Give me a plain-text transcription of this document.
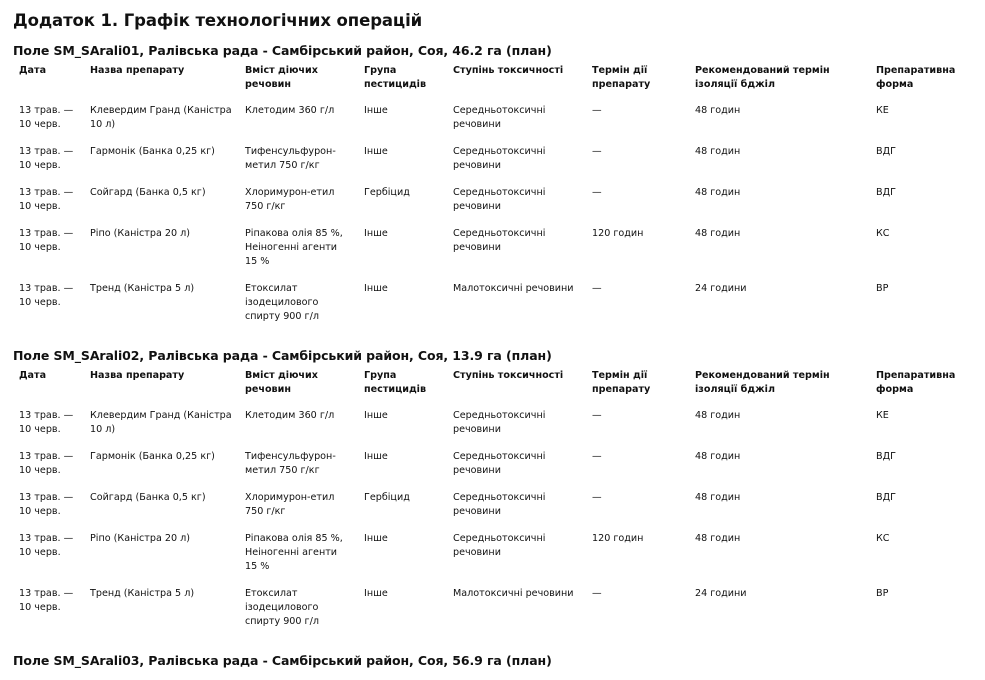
Додаток 1. Графік технологічних операцій
Поле SM_SArali01, Ралівська рада - Самбірський район, Соя, 46.2 га (план)
Дата	Назва препарату	Вміст діючих речовин	Група пестицидів	Ступінь токсичності	Термін дії препарату	Рекомендований термін ізоляції бджіл	Препаративна форма
13 трав. — 10 черв.	Клевердим Гранд (Каністра 10 л)	Клетодим 360 г/л	Інше	Середньотоксичні речовини	—	48 годин	КЕ
13 трав. — 10 черв.	Гармонік (Банка 0,25 кг)	Тифенсульфурон-метил 750 г/кг	Інше	Середньотоксичні речовини	—	48 годин	ВДГ
13 трав. — 10 черв.	Сойгард (Банка 0,5 кг)	Хлоримурон-етил 750 г/кг	Гербіцид	Середньотоксичні речовини	—	48 годин	ВДГ
13 трав. — 10 черв.	Ріпо (Каністра 20 л)	Ріпакова олія 85 %, Неіногенні агенти 15 %	Інше	Середньотоксичні речовини	120 годин	48 годин	КС
13 трав. — 10 черв.	Тренд (Каністра 5 л)	Етоксилат ізодецилового спирту 900 г/л	Інше	Малотоксичні речовини	—	24 години	ВР
Поле SM_SArali02, Ралівська рада - Самбірський район, Соя, 13.9 га (план)
Дата	Назва препарату	Вміст діючих речовин	Група пестицидів	Ступінь токсичності	Термін дії препарату	Рекомендований термін ізоляції бджіл	Препаративна форма
13 трав. — 10 черв.	Клевердим Гранд (Каністра 10 л)	Клетодим 360 г/л	Інше	Середньотоксичні речовини	—	48 годин	КЕ
13 трав. — 10 черв.	Гармонік (Банка 0,25 кг)	Тифенсульфурон-метил 750 г/кг	Інше	Середньотоксичні речовини	—	48 годин	ВДГ
13 трав. — 10 черв.	Сойгард (Банка 0,5 кг)	Хлоримурон-етил 750 г/кг	Гербіцид	Середньотоксичні речовини	—	48 годин	ВДГ
13 трав. — 10 черв.	Ріпо (Каністра 20 л)	Ріпакова олія 85 %, Неіногенні агенти 15 %	Інше	Середньотоксичні речовини	120 годин	48 годин	КС
13 трав. — 10 черв.	Тренд (Каністра 5 л)	Етоксилат ізодецилового спирту 900 г/л	Інше	Малотоксичні речовини	—	24 години	ВР
Поле SM_SArali03, Ралівська рада - Самбірський район, Соя, 56.9 га (план)
